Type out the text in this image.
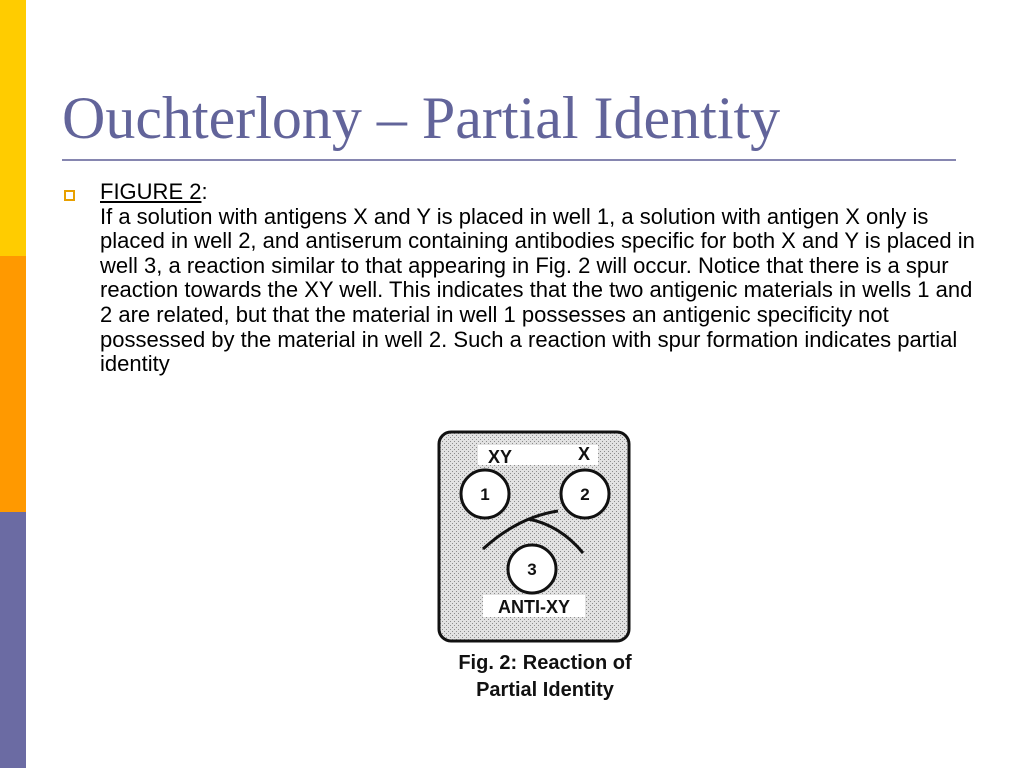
Ouchterlony – Partial Identity
FIGURE 2:
If a solution with antigens X and Y is placed in well 1, a solution with antigen X only is placed in well 2, and antiserum containing antibodies specific for both X and Y is placed in well 3, a reaction similar to that appearing in Fig. 2 will occur. Notice that there is a spur reaction towards the XY well. This indicates that the two antigenic materials in wells 1 and 2 are related, but that the material in well 1 possesses an antigenic specificity not possessed by the material in well 2. Such a reaction with spur formation indicates partial identity
XY	X
1	2
3
ANTI-XY
Fig. 2: Reaction of
Partial Identity
